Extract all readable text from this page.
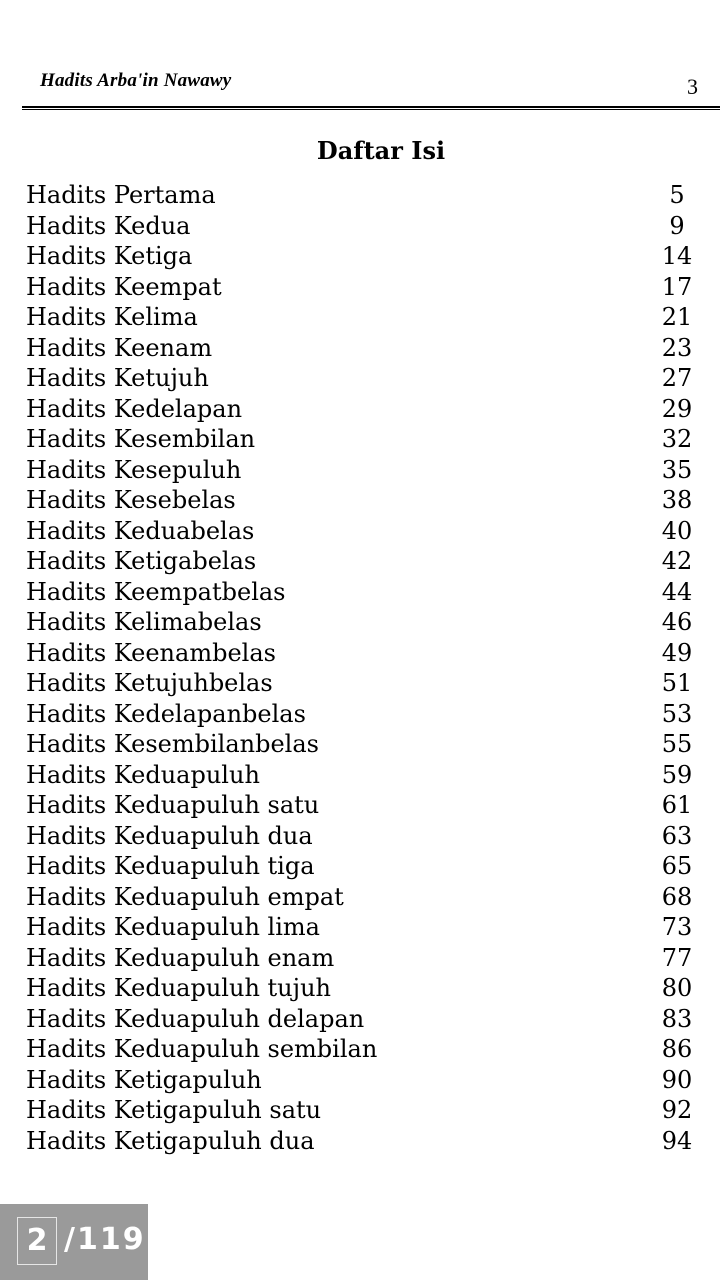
Hadits Arba'in Nawawy	3
Daftar Isi
Hadits Pertama	5
Hadits Kedua	9
Hadits Ketiga	14
Hadits Keempat	17
Hadits Kelima	21
Hadits Keenam	23
Hadits Ketujuh	27
Hadits Kedelapan	29
Hadits Kesembilan	32
Hadits Kesepuluh	35
Hadits Kesebelas	38
Hadits Keduabelas	40
Hadits Ketigabelas	42
Hadits Keempatbelas	44
Hadits Kelimabelas	46
Hadits Keenambelas	49
Hadits Ketujuhbelas	51
Hadits Kedelapanbelas	53
Hadits Kesembilanbelas	55
Hadits Keduapuluh	59
Hadits Keduapuluh satu	61
Hadits Keduapuluh dua	63
Hadits Keduapuluh tiga	65
Hadits Keduapuluh empat	68
Hadits Keduapuluh lima	73
Hadits Keduapuluh enam	77
Hadits Keduapuluh tujuh	80
Hadits Keduapuluh delapan	83
Hadits Keduapuluh sembilan	86
Hadits Ketigapuluh	90
Hadits Ketigapuluh satu	92
Hadits Ketigapuluh dua	94
2 /119
